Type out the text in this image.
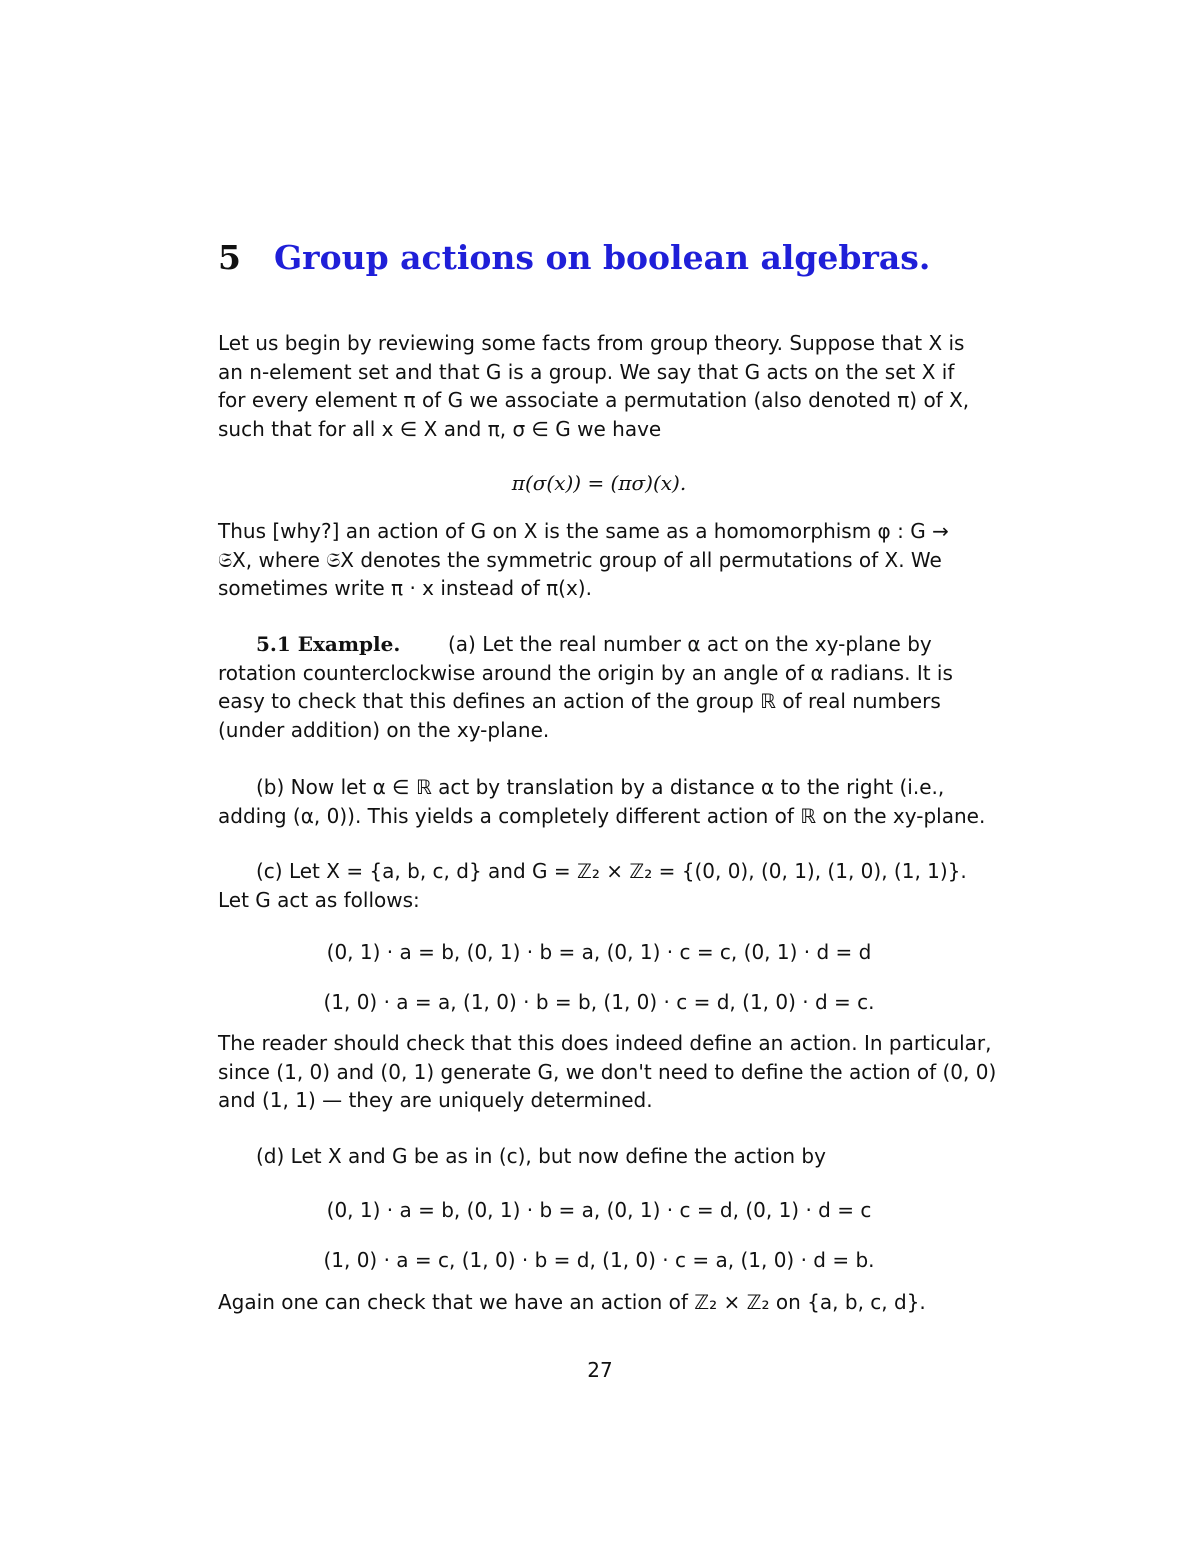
5 Group actions on boolean algebras.
Let us begin by reviewing some facts from group theory. Suppose that X is
an n-element set and that G is a group. We say that G acts on the set X if
for every element π of G we associate a permutation (also denoted π) of X,
such that for all x ∈ X and π, σ ∈ G we have
π(σ(x)) = (πσ)(x).
Thus [why?] an action of G on X is the same as a homomorphism φ : G →
𝔖X, where 𝔖X denotes the symmetric group of all permutations of X. We
sometimes write π · x instead of π(x).
5.1 Example. (a) Let the real number α act on the xy-plane by
rotation counterclockwise around the origin by an angle of α radians. It is
easy to check that this defines an action of the group ℝ of real numbers
(under addition) on the xy-plane.
(b) Now let α ∈ ℝ act by translation by a distance α to the right (i.e.,
adding (α, 0)). This yields a completely different action of ℝ on the xy-plane.
(c) Let X = {a, b, c, d} and G = ℤ₂ × ℤ₂ = {(0, 0), (0, 1), (1, 0), (1, 1)}.
Let G act as follows:
(0, 1) · a = b, (0, 1) · b = a, (0, 1) · c = c, (0, 1) · d = d
(1, 0) · a = a, (1, 0) · b = b, (1, 0) · c = d, (1, 0) · d = c.
The reader should check that this does indeed define an action. In particular,
since (1, 0) and (0, 1) generate G, we don't need to define the action of (0, 0)
and (1, 1) — they are uniquely determined.
(d) Let X and G be as in (c), but now define the action by
(0, 1) · a = b, (0, 1) · b = a, (0, 1) · c = d, (0, 1) · d = c
(1, 0) · a = c, (1, 0) · b = d, (1, 0) · c = a, (1, 0) · d = b.
Again one can check that we have an action of ℤ₂ × ℤ₂ on {a, b, c, d}.
27
